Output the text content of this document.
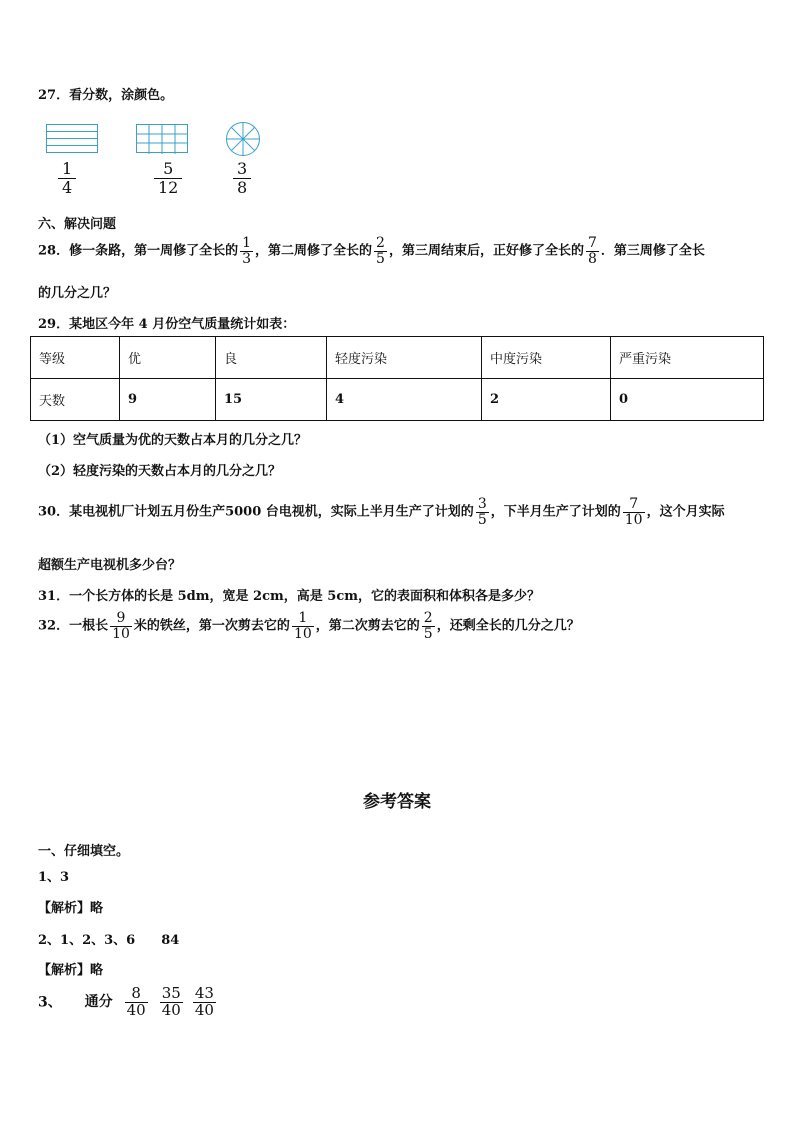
27．看分数，涂颜色。
$\frac{1}{4}$	$\frac{5}{12}$	$\frac{3}{8}$
六、解决问题
28．修一条路，第一周修了全长的 $\frac{1}{3}$ ，第二周修了全长的 $\frac{2}{5}$ ，第三周结束后，正好修了全长的 $\frac{7}{8}$ ．第三周修了全长
的几分之几？
29．某地区今年 4 月份空气质量统计如表：
等级	优	良	轻度污染	中度污染	严重污染
天数	9	15	4	2	0
（1）空气质量为优的天数占本月的几分之几？
（2）轻度污染的天数占本月的几分之几？
30．某电视机厂计划五月份生产5000 台电视机，实际上半月生产了计划的 $\frac{3}{5}$ ，下半月生产了计划的 $\frac{7}{10}$ ，这个月实际
超额生产电视机多少台？
31．一个长方体的长是 5dm，宽是 2cm，高是 5cm，它的表面积和体积各是多少？
32．一根长 $\frac{9}{10}$ 米的铁丝，第一次剪去它的 $\frac{1}{10}$ ，第二次剪去它的 $\frac{2}{5}$ ，还剩全长的几分之几？
参考答案
一、仔细填空。
1、3
【解析】略
2、1、2、3、6　　84
【解析】略
3、 通分 $\frac{8}{40} \frac{35}{40} \frac{43}{40}$
